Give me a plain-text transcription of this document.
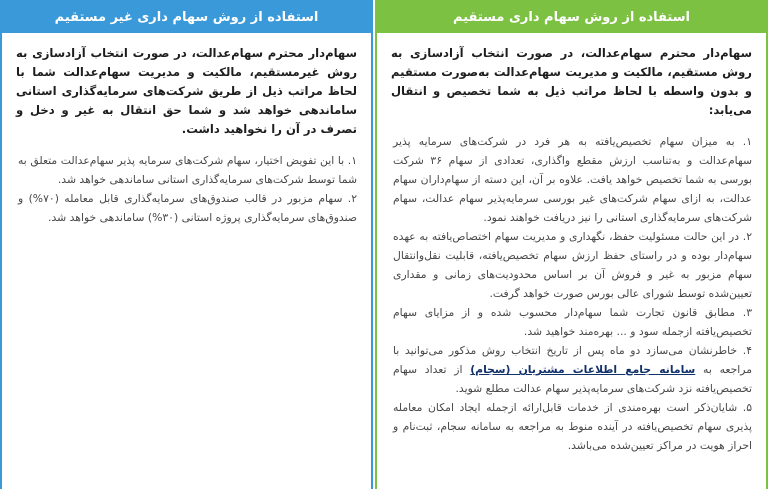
استفاده از روش سهام داری مستقیم
سهام‌دار محترم سهام‌عدالت، در صورت انتخاب آزادسازی به روش مستقیم، مالکیت و مدیریت سهام‌عدالت به‌صورت مستقیم و بدون واسطه با لحاظ مراتب ذیل به شما تخصیص و انتقال می‌یابد:
۱. به میزان سهام تخصیص‌یافته به هر فرد در شرکت‌های سرمایه پذیر سهام‌عدالت و به‌تناسب ارزش مقطع واگذاری، تعدادی از سهام ۳۶ شرکت بورسی به شما تخصیص خواهد یافت. علاوه بر آن، این دسته از سهام‌داران سهام عدالت، به ازای سهام شرکت‌های غیر بورسی سرمایه‌پذیر سهام عدالت، سهام شرکت‌های سرمایه‌گذاری استانی را نیز دریافت خواهند نمود.
۲. در این حالت مسئولیت حفظ، نگهداری و مدیریت سهام اختصاص‌یافته به عهده سهام‌دار بوده و در راستای حفظ ارزش سهام تخصیص‌یافته، قابلیت نقل‌وانتقال سهام مزبور به غیر و فروش آن بر اساس محدودیت‌های زمانی و مقداری تعیین‌شده توسط شورای عالی بورس صورت خواهد گرفت.
۳. مطابق قانون تجارت شما سهام‌دار محسوب شده و از مزایای سهام تخصیص‌یافته ازجمله سود و ... بهره‌مند خواهید شد.
۴. خاطرنشان می‌سازد دو ماه پس از تاریخ انتخاب روش مذکور می‌توانید با مراجعه به سامانه جامع اطلاعات مشتریان (سجام) از تعداد سهام تخصیص‌یافته نزد شرکت‌های سرمایه‌پذیر سهام عدالت مطلع شوید.
۵. شایان‌ذکر است بهره‌مندی از خدمات قابل‌ارائه ازجمله ایجاد امکان معامله پذیری سهام تخصیص‌یافته در آینده منوط به مراجعه به سامانه سجام، ثبت‌نام و احراز هویت در مراکز تعیین‌شده می‌باشد.
استفاده از روش سهام داری غیر مستقیم
سهام‌دار محترم سهام‌عدالت، در صورت انتخاب آزادسازی به روش غیرمستقیم، مالکیت و مدیریت سهام‌عدالت شما با لحاظ مراتب ذیل از طریق شرکت‌های سرمایه‌گذاری استانی ساماندهی خواهد شد و شما حق انتقال به غیر و دخل و تصرف در آن را نخواهید داشت.
۱. با این تفویض اختیار، سهام شرکت‌های سرمایه پذیر سهام‌عدالت متعلق به شما توسط شرکت‌های سرمایه‌گذاری استانی ساماندهی خواهد شد.
۲. سهام مزبور در قالب صندوق‌های سرمایه‌گذاری قابل معامله (۷۰%) و صندوق‌های سرمایه‌گذاری پروژه استانی (۳۰%) ساماندهی خواهد شد.
